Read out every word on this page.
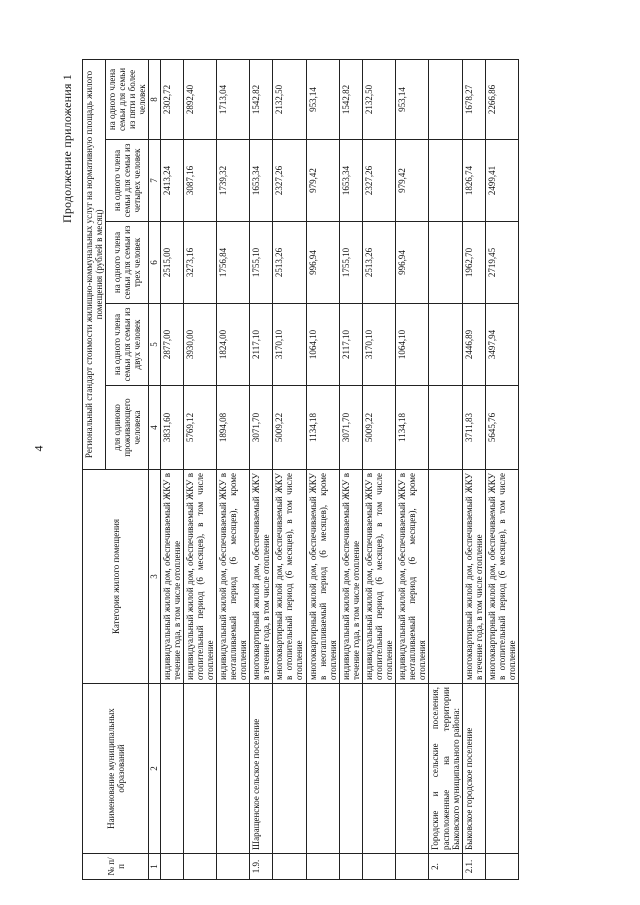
4
Продолжение приложения 1
№ п/п	Наименование муниципальных образований	Категория жилого помещения	Региональный стандарт стоимости жилищно-коммунальных услуг на нормативную площадь жилого помещения (рублей в месяц)				
			для одиноко проживающего человека	на одного члена семьи для семьи из двух человек	на одного члена семьи для семьи из трех человек	на одного члена семьи для семьи из четырех человек	на одного члена семьи для семьи из пяти и более человек
1	2	3	4	5	6	7	8
		индивидуальный жилой дом, обеспечиваемый ЖКУ в течение года, в том числе отопление	3831,60	2877,00	2515,00	2413,24	2302,72
		индивидуальный жилой дом, обеспечиваемый ЖКУ в отопительный период (6 месяцев), в том числе отопление	5769,12	3930,00	3273,16	3087,16	2892,40
		индивидуальный жилой дом, обеспечиваемый ЖКУ в неотапливаемый период (6 месяцев), кроме отопления	1894,08	1824,00	1756,84	1739,32	1713,04
1.9.	Шаращенское сельское поселение	многоквартирный жилой дом, обеспечиваемый ЖКУ в течение года, в том числе отопление	3071,70	2117,10	1755,10	1653,34	1542,82
		многоквартирный жилой дом, обеспечиваемый ЖКУ в отопительный период (6 месяцев), в том числе отопление	5009,22	3170,10	2513,26	2327,26	2132,50
		многоквартирный жилой дом, обеспечиваемый ЖКУ в неотапливаемый период (6 месяцев), кроме отопления	1134,18	1064,10	996,94	979,42	953,14
		индивидуальный жилой дом, обеспечиваемый ЖКУ в течение года, в том числе отопление	3071,70	2117,10	1755,10	1653,34	1542,82
		индивидуальный жилой дом, обеспечиваемый ЖКУ в отопительный период (6 месяцев), в том числе отопление	5009,22	3170,10	2513,26	2327,26	2132,50
		индивидуальный жилой дом, обеспечиваемый ЖКУ в неотапливаемый период (6 месяцев), кроме отопления	1134,18	1064,10	996,94	979,42	953,14
2.	Городские и сельские поселения, расположенные на территории Быковского муниципального района:						
2.1.	Быковское городское поселение	многоквартирный жилой дом, обеспечиваемый ЖКУ в течение года, в том числе отопление	3711,83	2446,89	1962,70	1826,74	1678,27
		многоквартирный жилой дом, обеспечиваемый ЖКУ в отопительный период (6 месяцев), в том числе отопление	5645,76	3497,94	2719,45	2499,41	2266,86
